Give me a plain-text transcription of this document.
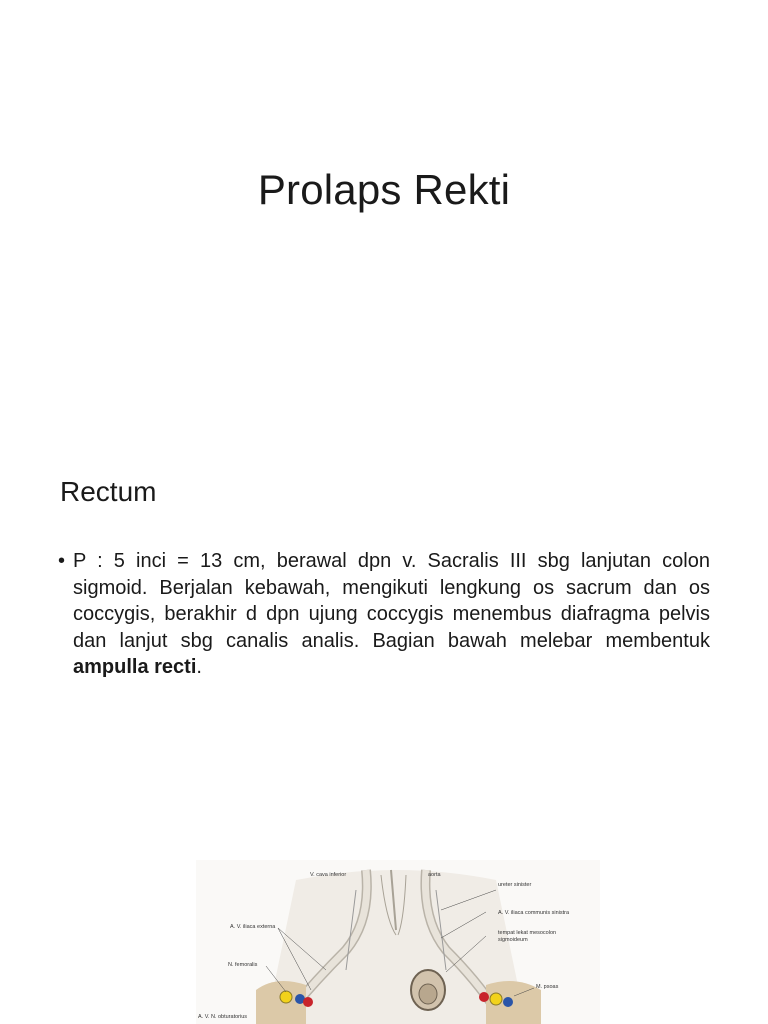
Prolaps Rekti
Rectum
• P : 5 inci = 13 cm, berawal dpn v. Sacralis III sbg lanjutan colon sigmoid. Berjalan kebawah, mengikuti lengkung os sacrum dan os coccygis, berakhir d dpn ujung coccygis menembus diafragma pelvis dan lanjut sbg canalis analis. Bagian bawah melebar membentuk ampulla recti.
V. cava inferior	aorta
ureter sinister
A. V. iliaca externa
A. V. iliaca communis sinistra
tempat lekat mesocolon sigmoideum
N. femoralis
M. psoas
A. V. N. obturatorius
